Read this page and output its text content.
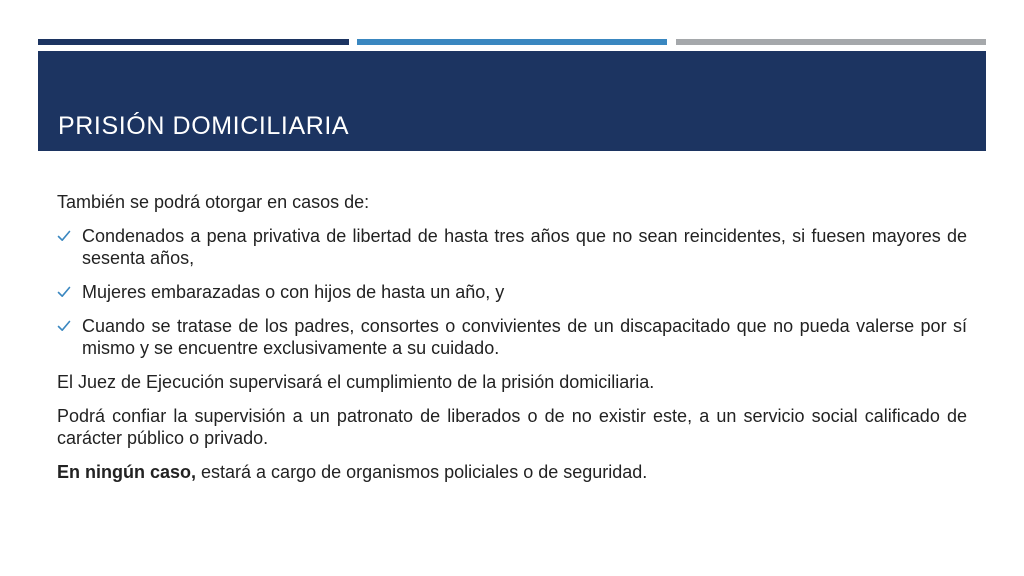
PRISIÓN DOMICILIARIA

También se podrá otorgar en casos de:

Condenados a pena privativa de libertad de hasta tres años que no sean reincidentes, si fuesen mayores de sesenta años,
Mujeres embarazadas o con hijos de hasta un año, y
Cuando se tratase de los padres, consortes o convivientes de un discapacitado que no pueda valerse por sí mismo y se encuentre exclusivamente a su cuidado.

El Juez de Ejecución supervisará el cumplimiento de la prisión domiciliaria.

Podrá confiar la supervisión a un patronato de liberados o de no existir este, a un servicio social calificado de carácter público o privado.

En ningún caso, estará a cargo de organismos policiales o de seguridad.
